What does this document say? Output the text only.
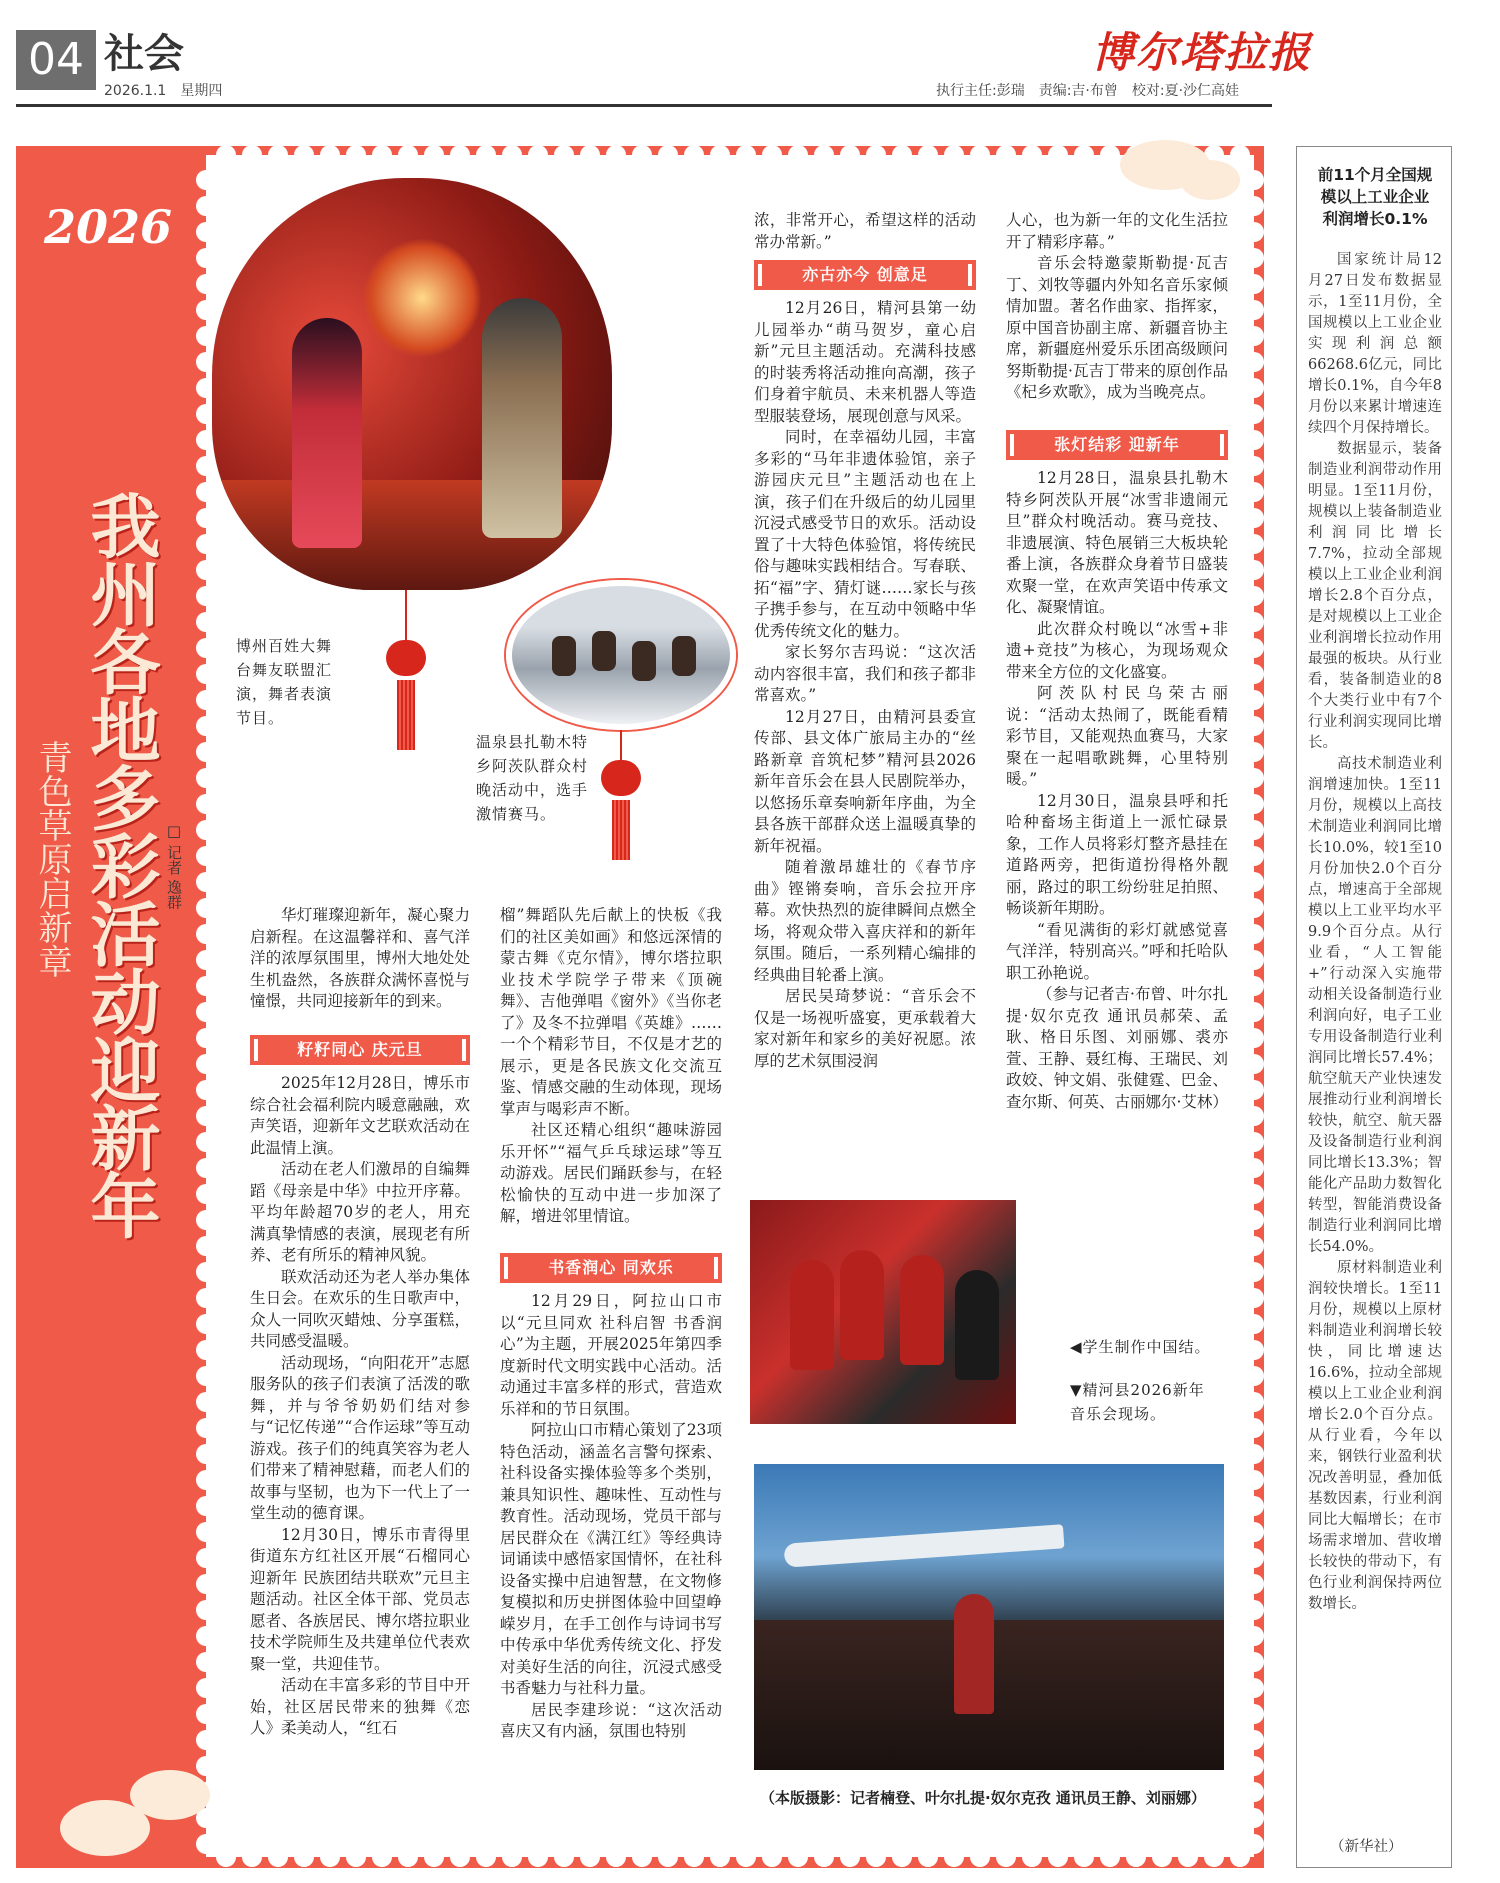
04 社会
2026.1.1　星期四
博尔塔拉报
执行主任:彭瑞　责编:吉·布曾　校对:夏·沙仁高娃
2026
我州各地多彩活动迎新年
青色草原启新章	□ 记者 逸群
博州百姓大舞台舞友联盟汇演，舞者表演节目。
温泉县扎勒木特乡阿茨队群众村晚活动中，选手激情赛马。
◀学生制作中国结。
▼精河县2026新年音乐会现场。
（本版摄影：记者楠登、叶尔扎提·奴尔克孜 通讯员王静、刘丽娜）

华灯璀璨迎新年，凝心聚力启新程。在这温馨祥和、喜气洋洋的浓厚氛围里，博州大地处处生机盎然，各族群众满怀喜悦与憧憬，共同迎接新年的到来。

籽籽同心 庆元旦

2025年12月28日，博乐市综合社会福利院内暖意融融，欢声笑语，迎新年文艺联欢活动在此温情上演。

活动在老人们激昂的自编舞蹈《母亲是中华》中拉开序幕。平均年龄超70岁的老人，用充满真挚情感的表演，展现老有所养、老有所乐的精神风貌。

联欢活动还为老人举办集体生日会。在欢乐的生日歌声中，众人一同吹灭蜡烛、分享蛋糕，共同感受温暖。

活动现场，“向阳花开”志愿服务队的孩子们表演了活泼的歌舞，并与爷爷奶奶们结对参与“记忆传递”“合作运球”等互动游戏。孩子们的纯真笑容为老人们带来了精神慰藉，而老人们的故事与坚韧，也为下一代上了一堂生动的德育课。

12月30日，博乐市青得里街道东方红社区开展“石榴同心迎新年 民族团结共联欢”元旦主题活动。社区全体干部、党员志愿者、各族居民、博尔塔拉职业技术学院师生及共建单位代表欢聚一堂，共迎佳节。

活动在丰富多彩的节目中开始，社区居民带来的独舞《恋人》柔美动人，“红石

榴”舞蹈队先后献上的快板《我们的社区美如画》和悠远深情的蒙古舞《克尔情》，博尔塔拉职业技术学院学子带来《顶碗舞》、吉他弹唱《窗外》《当你老了》及冬不拉弹唱《英雄》……一个个精彩节目，不仅是才艺的展示，更是各民族文化交流互鉴、情感交融的生动体现，现场掌声与喝彩声不断。

社区还精心组织“趣味游园乐开怀”“福气乒乓球运球”等互动游戏。居民们踊跃参与，在轻松愉快的互动中进一步加深了解，增进邻里情谊。

书香润心 同欢乐

12月29日，阿拉山口市以“元旦同欢 社科启智 书香润心”为主题，开展2025年第四季度新时代文明实践中心活动。活动通过丰富多样的形式，营造欢乐祥和的节日氛围。

阿拉山口市精心策划了23项特色活动，涵盖名言警句探索、社科设备实操体验等多个类别，兼具知识性、趣味性、互动性与教育性。活动现场，党员干部与居民群众在《满江红》等经典诗词诵读中感悟家国情怀，在社科设备实操中启迪智慧，在文物修复模拟和历史拼图体验中回望峥嵘岁月，在手工创作与诗词书写中传承中华优秀传统文化、抒发对美好生活的向往，沉浸式感受书香魅力与社科力量。

居民李建珍说：“这次活动喜庆又有内涵，氛围也特别

浓，非常开心，希望这样的活动常办常新。”

亦古亦今 创意足

12月26日，精河县第一幼儿园举办“萌马贺岁，童心启新”元旦主题活动。充满科技感的时装秀将活动推向高潮，孩子们身着宇航员、未来机器人等造型服装登场，展现创意与风采。

同时，在幸福幼儿园，丰富多彩的“马年非遗体验馆，亲子游园庆元旦”主题活动也在上演，孩子们在升级后的幼儿园里沉浸式感受节日的欢乐。活动设置了十大特色体验馆，将传统民俗与趣味实践相结合。写春联、拓“福”字、猜灯谜……家长与孩子携手参与，在互动中领略中华优秀传统文化的魅力。

家长努尔吉玛说：“这次活动内容很丰富，我们和孩子都非常喜欢。”

12月27日，由精河县委宣传部、县文体广旅局主办的“丝路新章 音筑杞梦”精河县2026新年音乐会在县人民剧院举办，以悠扬乐章奏响新年序曲，为全县各族干部群众送上温暖真挚的新年祝福。

随着激昂雄壮的《春节序曲》铿锵奏响，音乐会拉开序幕。欢快热烈的旋律瞬间点燃全场，将观众带入喜庆祥和的新年氛围。随后，一系列精心编排的经典曲目轮番上演。

居民吴琦梦说：“音乐会不仅是一场视听盛宴，更承载着大家对新年和家乡的美好祝愿。浓厚的艺术氛围浸润

人心，也为新一年的文化生活拉开了精彩序幕。”

音乐会特邀蒙斯勒提·瓦吉丁、刘牧等疆内外知名音乐家倾情加盟。著名作曲家、指挥家，原中国音协副主席、新疆音协主席，新疆庭州爱乐乐团高级顾问努斯勒提·瓦吉丁带来的原创作品《杞乡欢歌》，成为当晚亮点。

张灯结彩 迎新年

12月28日，温泉县扎勒木特乡阿茨队开展“冰雪非遗闹元旦”群众村晚活动。赛马竞技、非遗展演、特色展销三大板块轮番上演，各族群众身着节日盛装欢聚一堂，在欢声笑语中传承文化、凝聚情谊。

此次群众村晚以“冰雪+非遗+竞技”为核心，为现场观众带来全方位的文化盛宴。

阿茨队村民乌荣古丽说：“活动太热闹了，既能看精彩节目，又能观热血赛马，大家聚在一起唱歌跳舞，心里特别暖。”

12月30日，温泉县呼和托哈种畜场主街道上一派忙碌景象，工作人员将彩灯整齐悬挂在道路两旁，把街道扮得格外靓丽，路过的职工纷纷驻足拍照、畅谈新年期盼。

“看见满街的彩灯就感觉喜气洋洋，特别高兴。”呼和托哈队职工孙艳说。

（参与记者吉·布曾、叶尔扎提·奴尔克孜 通讯员郝荣、孟耿、格日乐图、刘丽娜、裘亦萱、王静、聂红梅、王瑞民、刘政姣、钟文娟、张健霆、巴金、查尔斯、何英、古丽娜尔·艾林）

前11个月全国规模以上工业企业利润增长0.1%

国家统计局12月27日发布数据显示，1至11月份，全国规模以上工业企业实现利润总额66268.6亿元，同比增长0.1%，自今年8月份以来累计增速连续四个月保持增长。

数据显示，装备制造业利润带动作用明显。1至11月份，规模以上装备制造业利润同比增长7.7%，拉动全部规模以上工业企业利润增长2.8个百分点，是对规模以上工业企业利润增长拉动作用最强的板块。从行业看，装备制造业的8个大类行业中有7个行业利润实现同比增长。

高技术制造业利润增速加快。1至11月份，规模以上高技术制造业利润同比增长10.0%，较1至10月份加快2.0个百分点，增速高于全部规模以上工业平均水平9.9个百分点。从行业看，“人工智能+”行动深入实施带动相关设备制造行业利润向好，电子工业专用设备制造行业利润同比增长57.4%；航空航天产业快速发展推动行业利润增长较快，航空、航天器及设备制造行业利润同比增长13.3%；智能化产品助力数智化转型，智能消费设备制造行业利润同比增长54.0%。

原材料制造业利润较快增长。1至11月份，规模以上原材料制造业利润增长较快，同比增速达16.6%，拉动全部规模以上工业企业利润增长2.0个百分点。从行业看，今年以来，钢铁行业盈利状况改善明显，叠加低基数因素，行业利润同比大幅增长；在市场需求增加、营收增长较快的带动下，有色行业利润保持两位数增长。

（新华社）
